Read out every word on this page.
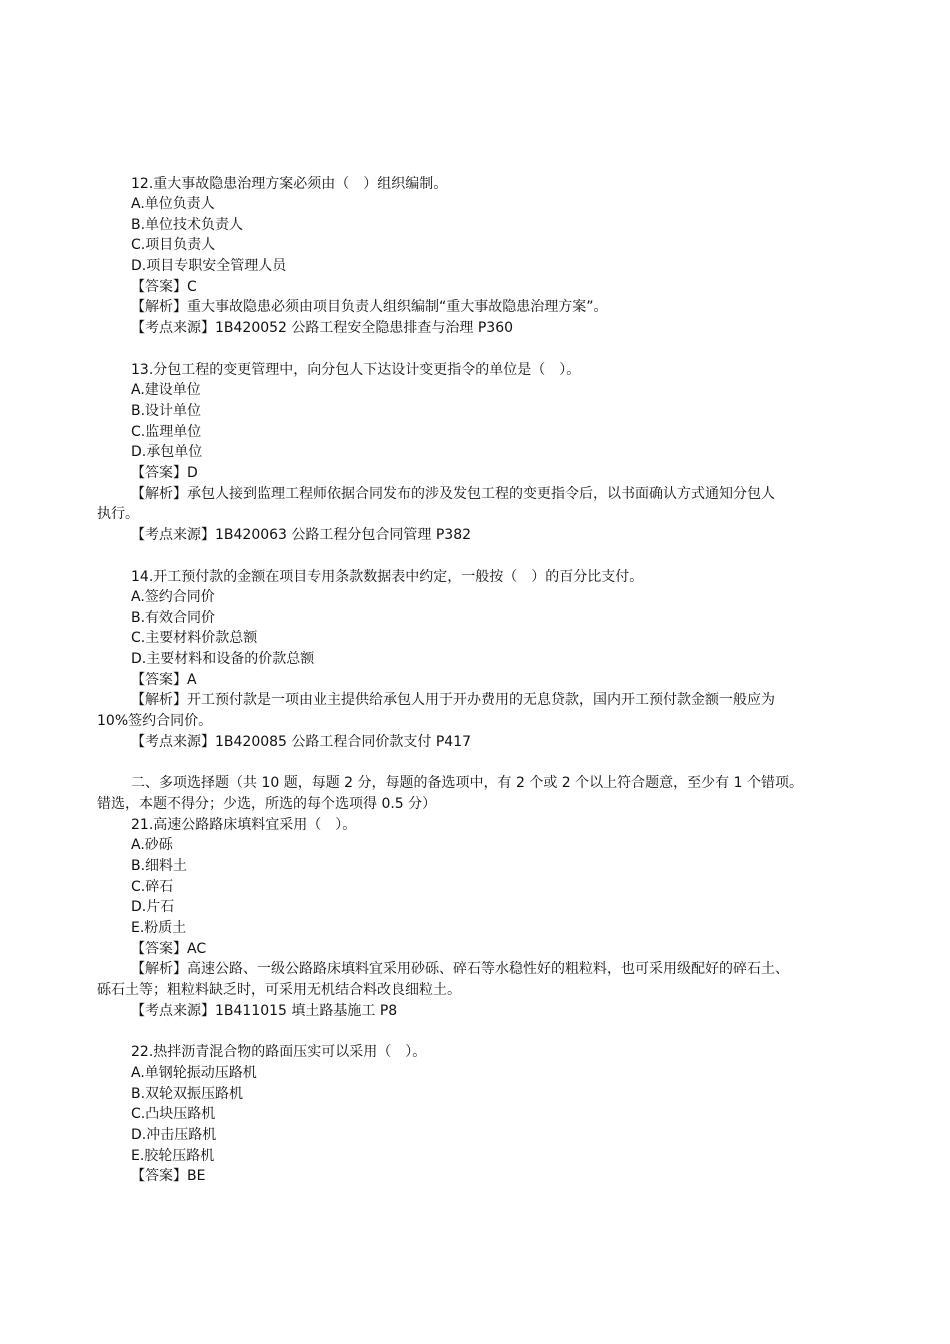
12.重大事故隐患治理方案必须由（　）组织编制。

A.单位负责人

B.单位技术负责人

C.项目负责人

D.项目专职安全管理人员

【答案】C

【解析】重大事故隐患必须由项目负责人组织编制“重大事故隐患治理方案”。

【考点来源】1B420052 公路工程安全隐患排查与治理 P360

13.分包工程的变更管理中，向分包人下达设计变更指令的单位是（　）。

A.建设单位

B.设计单位

C.监理单位

D.承包单位

【答案】D

【解析】承包人接到监理工程师依据合同发布的涉及发包工程的变更指令后，以书面确认方式通知分包人

执行。

【考点来源】1B420063 公路工程分包合同管理 P382

14.开工预付款的金额在项目专用条款数据表中约定，一般按（　）的百分比支付。

A.签约合同价

B.有效合同价

C.主要材料价款总额

D.主要材料和设备的价款总额

【答案】A

【解析】开工预付款是一项由业主提供给承包人用于开办费用的无息贷款，国内开工预付款金额一般应为

10%签约合同价。

【考点来源】1B420085 公路工程合同价款支付 P417

二、多项选择题（共 10 题，每题 2 分，每题的备选项中，有 2 个或 2 个以上符合题意，至少有 1 个错项。

错选，本题不得分；少选，所选的每个选项得 0.5 分）

21.高速公路路床填料宜采用（　）。

A.砂砾

B.细料土

C.碎石

D.片石

E.粉质土

【答案】AC

【解析】高速公路、一级公路路床填料宜采用砂砾、碎石等水稳性好的粗粒料，也可采用级配好的碎石土、

砾石土等；粗粒料缺乏时，可采用无机结合料改良细粒土。

【考点来源】1B411015 填土路基施工 P8

22.热拌沥青混合物的路面压实可以采用（　）。

A.单钢轮振动压路机

B.双轮双振压路机

C.凸块压路机

D.冲击压路机

E.胶轮压路机

【答案】BE
